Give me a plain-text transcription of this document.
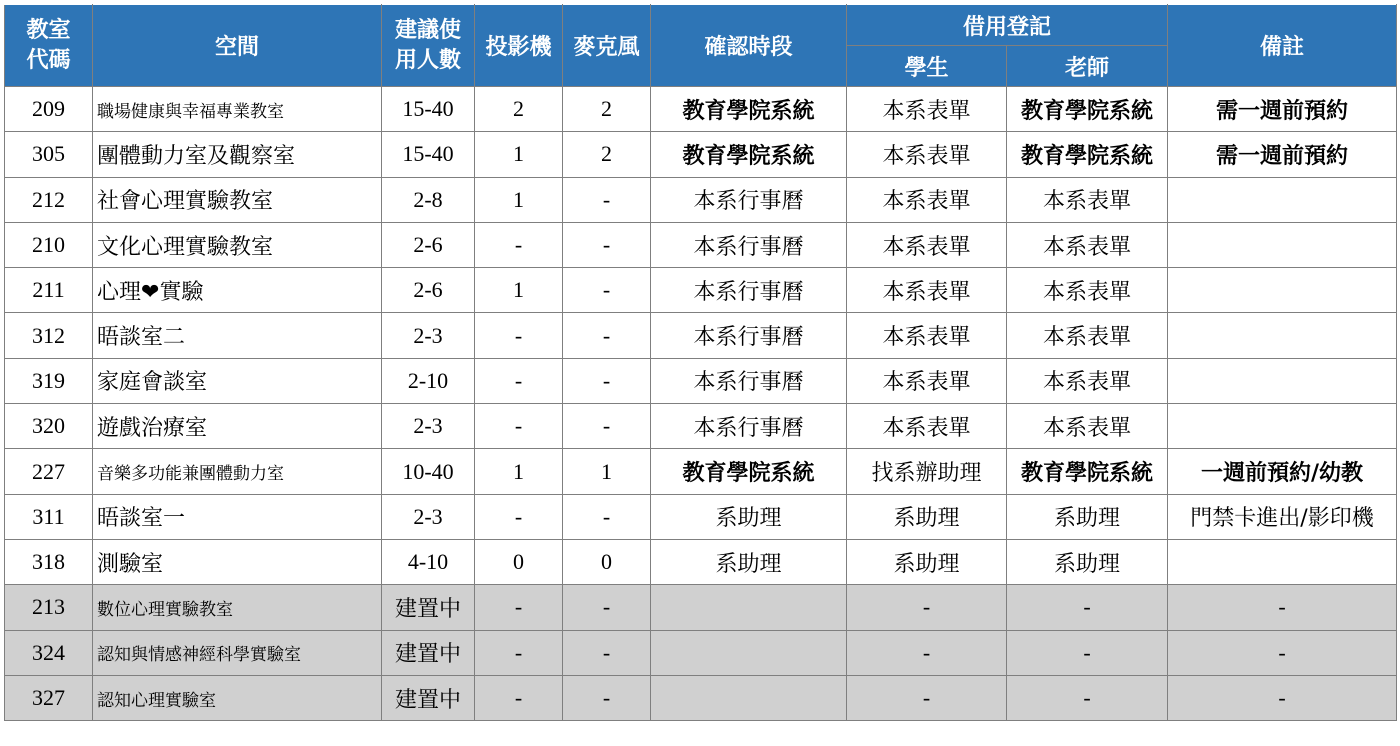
教室
代碼	空間	建議使
用人數	投影機	麥克風	確認時段	借用登記		備註
						學生	老師	
209	職場健康與幸福專業教室	15-40	2	2	教育學院系統	本系表單	教育學院系統	需一週前預約
305	團體動力室及觀察室	15-40	1	2	教育學院系統	本系表單	教育學院系統	需一週前預約
212	社會心理實驗教室	2-8	1	-	本系行事曆	本系表單	本系表單	
210	文化心理實驗教室	2-6	-	-	本系行事曆	本系表單	本系表單	
211	心理❤實驗	2-6	1	-	本系行事曆	本系表單	本系表單	
312	晤談室二	2-3	-	-	本系行事曆	本系表單	本系表單	
319	家庭會談室	2-10	-	-	本系行事曆	本系表單	本系表單	
320	遊戲治療室	2-3	-	-	本系行事曆	本系表單	本系表單	
227	音樂多功能兼團體動力室	10-40	1	1	教育學院系統	找系辦助理	教育學院系統	一週前預約/幼教
311	晤談室一	2-3	-	-	系助理	系助理	系助理	門禁卡進出/影印機
318	測驗室	4-10	0	0	系助理	系助理	系助理	
213	數位心理實驗教室	建置中	-	-		-	-	-
324	認知與情感神經科學實驗室	建置中	-	-		-	-	-
327	認知心理實驗室	建置中	-	-		-	-	-
